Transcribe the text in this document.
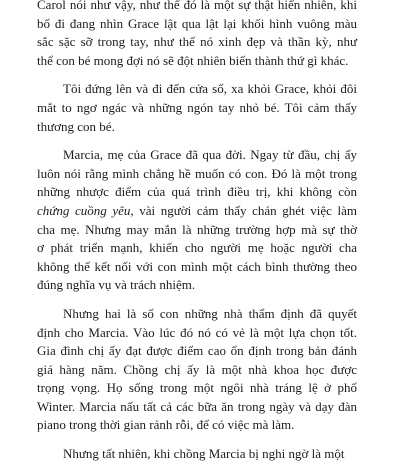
Carol nói như vậy, như thể đó là một sự thật hiển nhiên, khi
bố đi đang nhìn Grace lật qua lật lại khối hình vuông màu
sắc sặc sỡ trong tay, như thể nó xinh đẹp và thần kỳ, như
thể con bé mong đợi nó sẽ đột nhiên biến thành thứ gì khác.
Tôi đứng lên và đi đến cửa sổ, xa khỏi Grace, khỏi đôi
mắt to ngơ ngác và những ngón tay nhỏ bé. Tôi cảm thấy
thương con bé.
Marcia, mẹ của Grace đã qua đời. Ngay từ đầu, chị ấy
luôn nói rằng mình chẳng hề muốn có con. Đó là một trong
những nhược điểm của quá trình điều trị, khi không còn
chứng cuồng yêu, vài người cảm thấy chán ghét việc làm
cha mẹ. Nhưng may mắn là những trường hợp mà sự thờ
ơ phát triển mạnh, khiến cho người mẹ hoặc người cha
không thể kết nối với con mình một cách bình thường theo
đúng nghĩa vụ và trách nhiệm.
Nhưng hai là số con những nhà thẩm định đã quyết
định cho Marcia. Vào lúc đó nó có vẻ là một lựa chọn tốt.
Gia đình chị ấy đạt được điểm cao ổn định trong bản đánh
giá hàng năm. Chồng chị ấy là một nhà khoa học được
trọng vọng. Họ sống trong một ngôi nhà tráng lệ ở phố
Winter. Marcia nấu tất cả các bữa ăn trong ngày và dạy đàn
piano trong thời gian rảnh rỗi, để có việc mà làm.
Nhưng tất nhiên, khi chồng Marcia bị nghi ngờ là một
